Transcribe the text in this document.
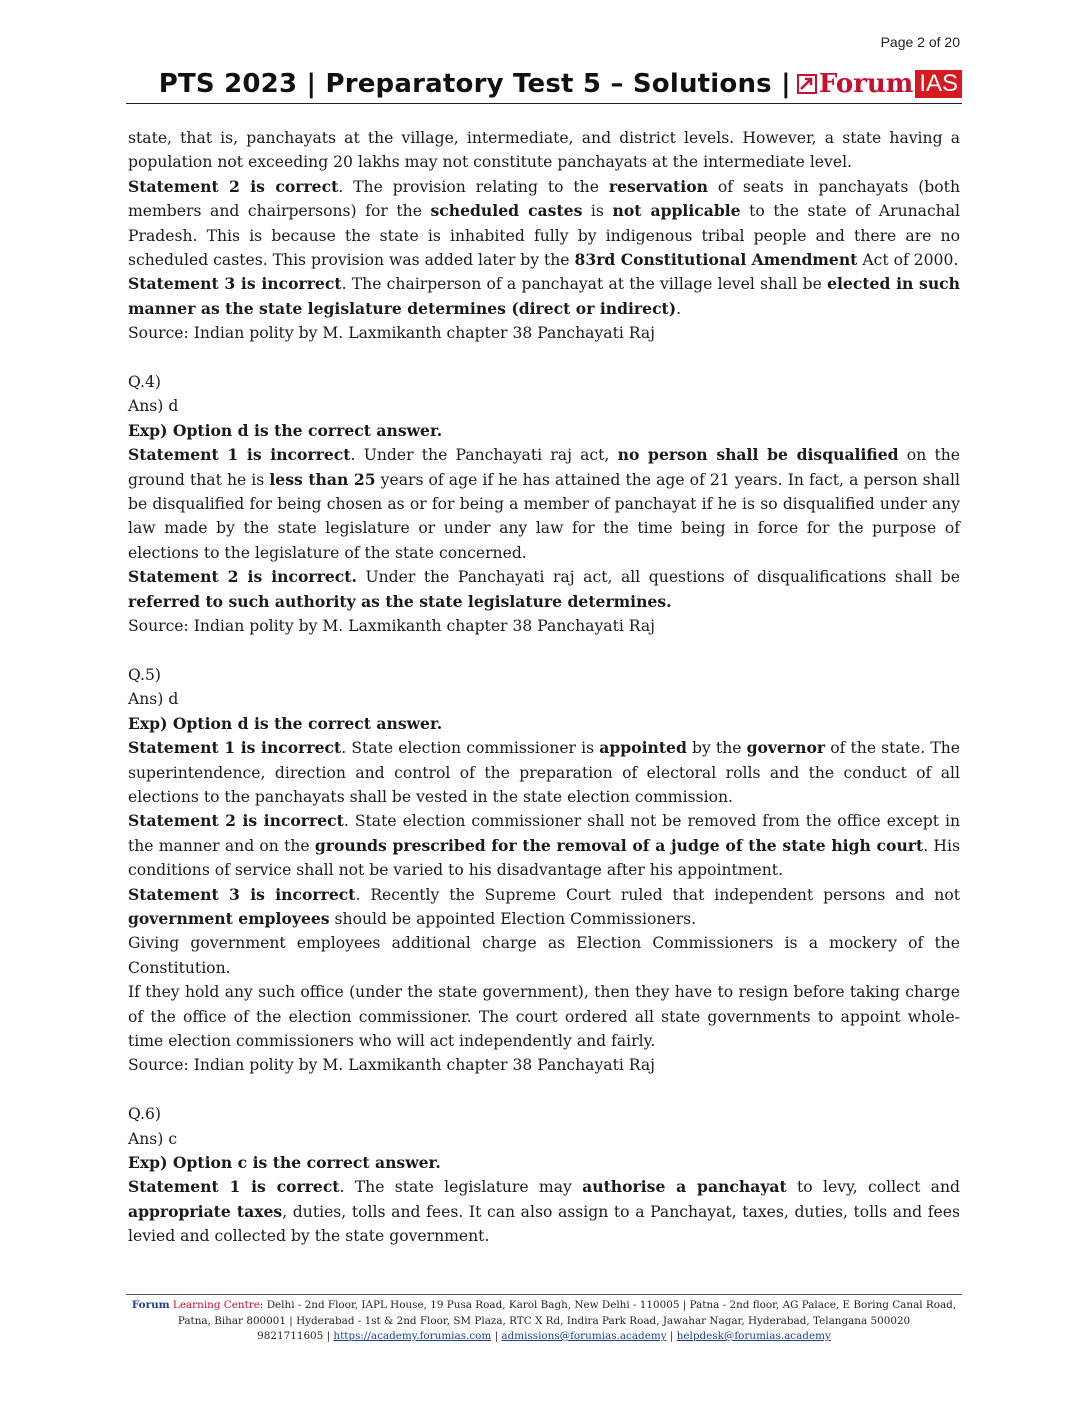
Page 2 of 20
PTS 2023 | Preparatory Test 5 – Solutions | Forum IAS

state, that is, panchayats at the village, intermediate, and district levels. However, a state having a population not exceeding 20 lakhs may not constitute panchayats at the intermediate level.

Statement 2 is correct. The provision relating to the reservation of seats in panchayats (both members and chairpersons) for the scheduled castes is not applicable to the state of Arunachal Pradesh. This is because the state is inhabited fully by indigenous tribal people and there are no scheduled castes. This provision was added later by the 83rd Constitutional Amendment Act of 2000.

Statement 3 is incorrect. The chairperson of a panchayat at the village level shall be elected in such manner as the state legislature determines (direct or indirect).

Source: Indian polity by M. Laxmikanth chapter 38 Panchayati Raj

Q.4)

Ans) d

Exp) Option d is the correct answer.

Statement 1 is incorrect. Under the Panchayati raj act, no person shall be disqualified on the ground that he is less than 25 years of age if he has attained the age of 21 years. In fact, a person shall be disqualified for being chosen as or for being a member of panchayat if he is so disqualified under any law made by the state legislature or under any law for the time being in force for the purpose of elections to the legislature of the state concerned.

Statement 2 is incorrect. Under the Panchayati raj act, all questions of disqualifications shall be referred to such authority as the state legislature determines.

Source: Indian polity by M. Laxmikanth chapter 38 Panchayati Raj

Q.5)

Ans) d

Exp) Option d is the correct answer.

Statement 1 is incorrect. State election commissioner is appointed by the governor of the state. The superintendence, direction and control of the preparation of electoral rolls and the conduct of all elections to the panchayats shall be vested in the state election commission.

Statement 2 is incorrect. State election commissioner shall not be removed from the office except in the manner and on the grounds prescribed for the removal of a judge of the state high court. His conditions of service shall not be varied to his disadvantage after his appointment.

Statement 3 is incorrect. Recently the Supreme Court ruled that independent persons and not government employees should be appointed Election Commissioners.

Giving government employees additional charge as Election Commissioners is a mockery of the Constitution.

If they hold any such office (under the state government), then they have to resign before taking charge of the office of the election commissioner. The court ordered all state governments to appoint whole-time election commissioners who will act independently and fairly.

Source: Indian polity by M. Laxmikanth chapter 38 Panchayati Raj

Q.6)

Ans) c

Exp) Option c is the correct answer.

Statement 1 is correct. The state legislature may authorise a panchayat to levy, collect and appropriate taxes, duties, tolls and fees. It can also assign to a Panchayat, taxes, duties, tolls and fees levied and collected by the state government.

Forum Learning Centre: Delhi - 2nd Floor, IAPL House, 19 Pusa Road, Karol Bagh, New Delhi - 110005 | Patna - 2nd floor, AG Palace, E Boring Canal Road, Patna, Bihar 800001 | Hyderabad - 1st & 2nd Floor, SM Plaza, RTC X Rd, Indira Park Road, Jawahar Nagar, Hyderabad, Telangana 500020
9821711605 | https://academy.forumias.com | admissions@forumias.academy | helpdesk@forumias.academy
